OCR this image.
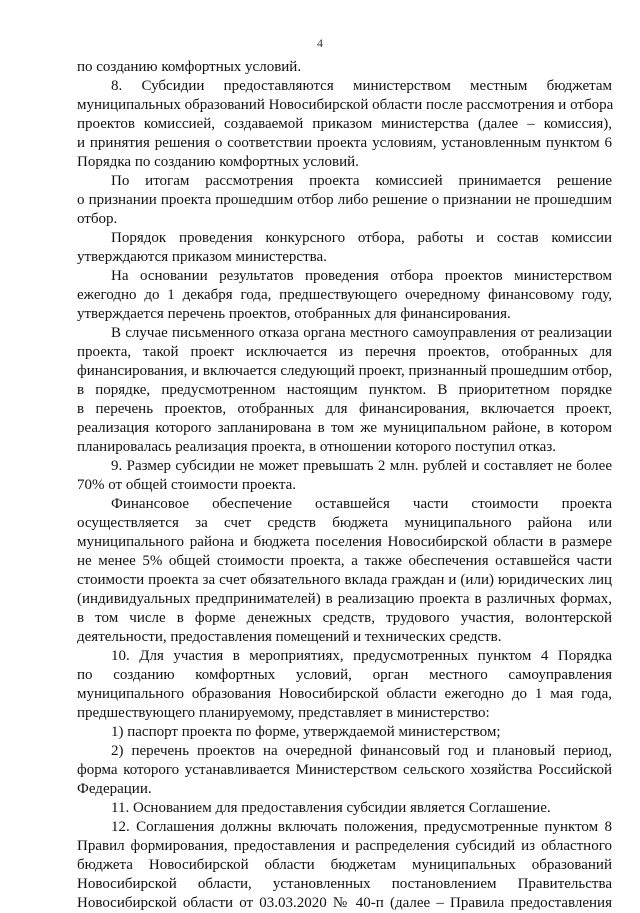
4
по созданию комфортных условий.
8. Субсидии предоставляются министерством местным бюджетам
муниципальных образований Новосибирской области после рассмотрения и отбора
проектов комиссией, создаваемой приказом министерства (далее – комиссия),
и принятия решения о соответствии проекта условиям, установленным пунктом 6
Порядка по созданию комфортных условий.
По итогам рассмотрения проекта комиссией принимается решение
о признании проекта прошедшим отбор либо решение о признании не прошедшим
отбор.
Порядок проведения конкурсного отбора, работы и состав комиссии
утверждаются приказом министерства.
На основании результатов проведения отбора проектов министерством
ежегодно до 1 декабря года, предшествующего очередному финансовому году,
утверждается перечень проектов, отобранных для финансирования.
В случае письменного отказа органа местного самоуправления от реализации
проекта, такой проект исключается из перечня проектов, отобранных для
финансирования, и включается следующий проект, признанный прошедшим отбор,
в порядке, предусмотренном настоящим пунктом. В приоритетном порядке
в перечень проектов, отобранных для финансирования, включается проект,
реализация которого запланирована в том же муниципальном районе, в котором
планировалась реализация проекта, в отношении которого поступил отказ.
9. Размер субсидии не может превышать 2 млн. рублей и составляет не более
70% от общей стоимости проекта.
Финансовое обеспечение оставшейся части стоимости проекта
осуществляется за счет средств бюджета муниципального района или
муниципального района и бюджета поселения Новосибирской области в размере
не менее 5% общей стоимости проекта, а также обеспечения оставшейся части
стоимости проекта за счет обязательного вклада граждан и (или) юридических лиц
(индивидуальных предпринимателей) в реализацию проекта в различных формах,
в том числе в форме денежных средств, трудового участия, волонтерской
деятельности, предоставления помещений и технических средств.
10. Для участия в мероприятиях, предусмотренных пунктом 4 Порядка
по созданию комфортных условий, орган местного самоуправления
муниципального образования Новосибирской области ежегодно до 1 мая года,
предшествующего планируемому, представляет в министерство:
1) паспорт проекта по форме, утверждаемой министерством;
2) перечень проектов на очередной финансовый год и плановый период,
форма которого устанавливается Министерством сельского хозяйства Российской
Федерации.
11. Основанием для предоставления субсидии является Соглашение.
12. Соглашения должны включать положения, предусмотренные пунктом 8
Правил формирования, предоставления и распределения субсидий из областного
бюджета Новосибирской области бюджетам муниципальных образований
Новосибирской области, установленных постановлением Правительства
Новосибирской области от 03.03.2020 № 40-п (далее – Правила предоставления
